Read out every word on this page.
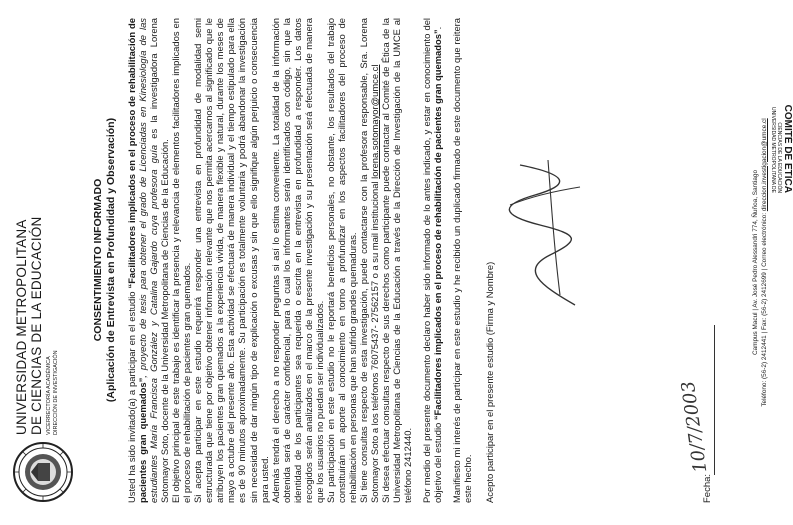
UNIVERSIDAD METROPOLITANA DE CIENCIAS DE LA EDUCACIÓN VICERRECTORÍA ACADÉMICA DIRECCIÓN DE INVESTIGACIÓN
COMITÉ DE ETICA
CIENCIAS DE LA EDUCACIÓN
UNIVERSIDAD METROPOLITANA DE
CONSENTIMIENTO INFORMADO (Aplicación de Entrevista en Profundidad y Observación) Usted ha sido invitado(a) a participar en el estudio “Facilitadores implicados en el proceso de rehabilitación de pacientes gran quemados”, proyecto de tesis para obtener el grado de Licenciadas en Kinesiología de las estudiantes María Francisca González y Catalina Gajardo cuya profesora guía es la investigadora Lorena Sotomayor Soto, docente de la Universidad Metropolitana de Ciencias de la Educación. El objetivo principal de este trabajo es identificar la presencia y relevancia de elementos facilitadores implicados en el proceso de rehabilitación de pacientes gran quemados. Si acepta participar en este estudio requerirá responder una entrevista en profundidad de modalidad semi estructurada que tiene por objetivo obtener información relevante que nos permita acercarnos al significado que le atribuyen los pacientes gran quemados a la experiencia vivida, de manera flexible y natural, durante los meses de mayo a octubre del presente año. Esta actividad se efectuará de manera individual y el tiempo estipulado para ella es de 90 minutos aproximadamente. Su participación es totalmente voluntaria y podrá abandonar la investigación sin necesidad de dar ningún tipo de explicación o excusas y sin que ello signifique algún perjuicio o consecuencia para usted. Además tendrá el derecho a no responder preguntas si así lo estima conveniente. La totalidad de la información obtenida será de carácter confidencial, para lo cual los informantes serán identificados con código, sin que la identidad de los participantes sea requerida o escrita en la entrevista en profundidad a responder. Los datos recogidos serán analizados en el marco de la presente investigación y su presentación será efectuada de manera que los usuarios no puedan ser individualizados. Su participación en este estudio no le reportará beneficios personales, no obstante, los resultados del trabajo constituirán un aporte al conocimiento en torno a profundizar en los aspectos facilitadores del proceso de rehabilitación en personas que han sufrido grandes quemaduras. Si tiene consultas respecto de esta investigación, puede contactarse con la profesora responsable, Sra. Lorena Sotomayor Soto a los teléfonos 76075437- 27562157 o a su mail institucional lorena.sotomayor@umce.cl Si desea efectuar consultas respecto de sus derechos como participante puede contactar al Comité de Ética de la Universidad Metropolitana de Ciencias de la Educación a través de la Dirección de Investigación de la UMCE al teléfono 2412440. Por medio del presente documento declaro haber sido informado de lo antes indicado, y estar en conocimiento del objetivo del estudio “Facilitadores implicados en el proceso de rehabilitación de pacientes gran quemados”. Manifiesto mi interés de participar en este estudio y he recibido un duplicado firmado de este documento que reitera este hecho. Acepto participar en el presente estudio (Firma y Nombre)	Fecha:
10/7/2003
Campus Macul | Av. José Pedro Alessandri 774, Ñuñoa, Santiago Teléfono: (56-2) 2412441 | Fax: (56-2) 2412699 | Correo electrónico: direccion.investigacion@umce.cl
